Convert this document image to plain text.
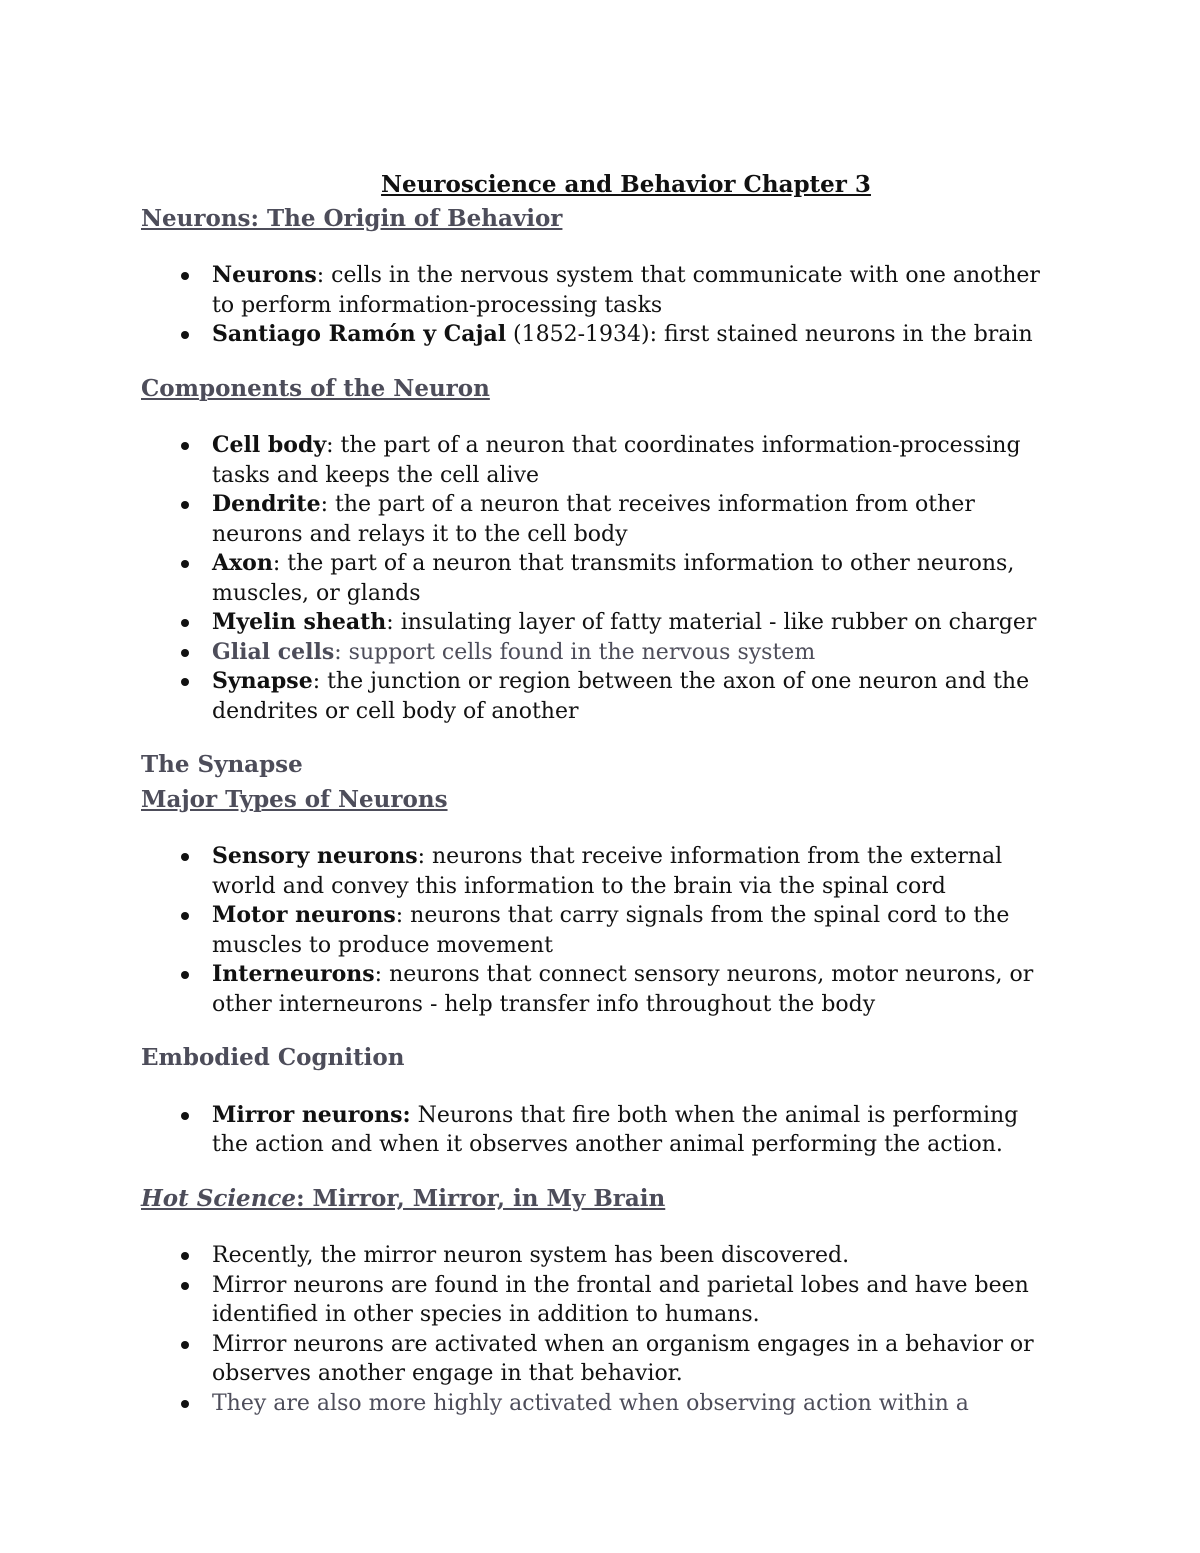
Neuroscience and Behavior Chapter 3
Neurons: The Origin of Behavior
Neurons: cells in the nervous system that communicate with one another to perform information-processing tasks
Santiago Ramón y Cajal (1852-1934): first stained neurons in the brain
Components of the Neuron
Cell body: the part of a neuron that coordinates information-processing tasks and keeps the cell alive
Dendrite: the part of a neuron that receives information from other neurons and relays it to the cell body
Axon: the part of a neuron that transmits information to other neurons, muscles, or glands
Myelin sheath: insulating layer of fatty material - like rubber on charger
Glial cells: support cells found in the nervous system
Synapse: the junction or region between the axon of one neuron and the dendrites or cell body of another
The Synapse
Major Types of Neurons
Sensory neurons: neurons that receive information from the external world and convey this information to the brain via the spinal cord
Motor neurons: neurons that carry signals from the spinal cord to the muscles to produce movement
Interneurons: neurons that connect sensory neurons, motor neurons, or other interneurons - help transfer info throughout the body
Embodied Cognition
Mirror neurons: Neurons that fire both when the animal is performing the action and when it observes another animal performing the action.
Hot Science: Mirror, Mirror, in My Brain
Recently, the mirror neuron system has been discovered.
Mirror neurons are found in the frontal and parietal lobes and have been identified in other species in addition to humans.
Mirror neurons are activated when an organism engages in a behavior or observes another engage in that behavior.
They are also more highly activated when observing action within a
